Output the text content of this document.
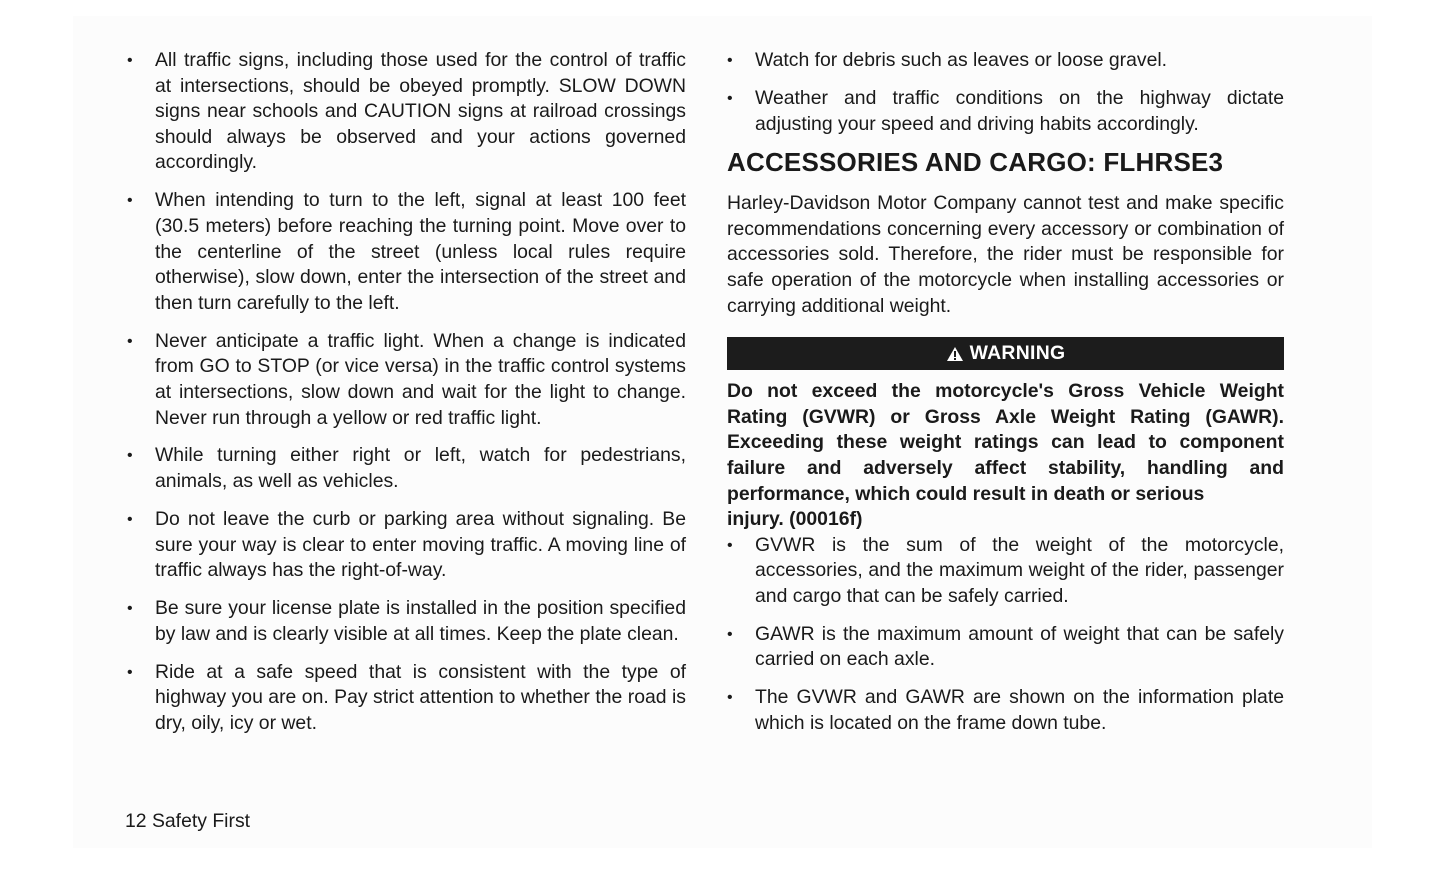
•	All traffic signs, including those used for the control of traffic at intersections, should be obeyed promptly. SLOW DOWN signs near schools and CAUTION signs at railroad crossings should always be observed and your actions governed accordingly.
•	When intending to turn to the left, signal at least 100 feet (30.5 meters) before reaching the turning point. Move over to the centerline of the street (unless local rules require otherwise), slow down, enter the intersection of the street and then turn carefully to the left.
•	Never anticipate a traffic light. When a change is indicated from GO to STOP (or vice versa) in the traffic control systems at intersections, slow down and wait for the light to change. Never run through a yellow or red traffic light.
•	While turning either right or left, watch for pedestrians, animals, as well as vehicles.
•	Do not leave the curb or parking area without signaling. Be sure your way is clear to enter moving traffic. A moving line of traffic always has the right-of-way.
•	Be sure your license plate is installed in the position specified by law and is clearly visible at all times. Keep the plate clean.
•	Ride at a safe speed that is consistent with the type of highway you are on. Pay strict attention to whether the road is dry, oily, icy or wet.
•	Watch for debris such as leaves or loose gravel.
•	Weather and traffic conditions on the highway dictate adjusting your speed and driving habits accordingly.
ACCESSORIES AND CARGO: FLHRSE3

Harley-Davidson Motor Company cannot test and make specific recommendations concerning every accessory or combination of accessories sold. Therefore, the rider must be responsible for safe operation of the motorcycle when installing accessories or carrying additional weight.

WARNING
Do not exceed the motorcycle's Gross Vehicle Weight Rating (GVWR) or Gross Axle Weight Rating (GAWR). Exceeding these weight ratings can lead to component failure and adversely affect stability, handling and performance, which could result in death or serious
injury. (00016f)
•	GVWR is the sum of the weight of the motorcycle, accessories, and the maximum weight of the rider, passenger and cargo that can be safely carried.
•	GAWR is the maximum amount of weight that can be safely carried on each axle.
•	The GVWR and GAWR are shown on the information plate which is located on the frame down tube.
12 Safety First
